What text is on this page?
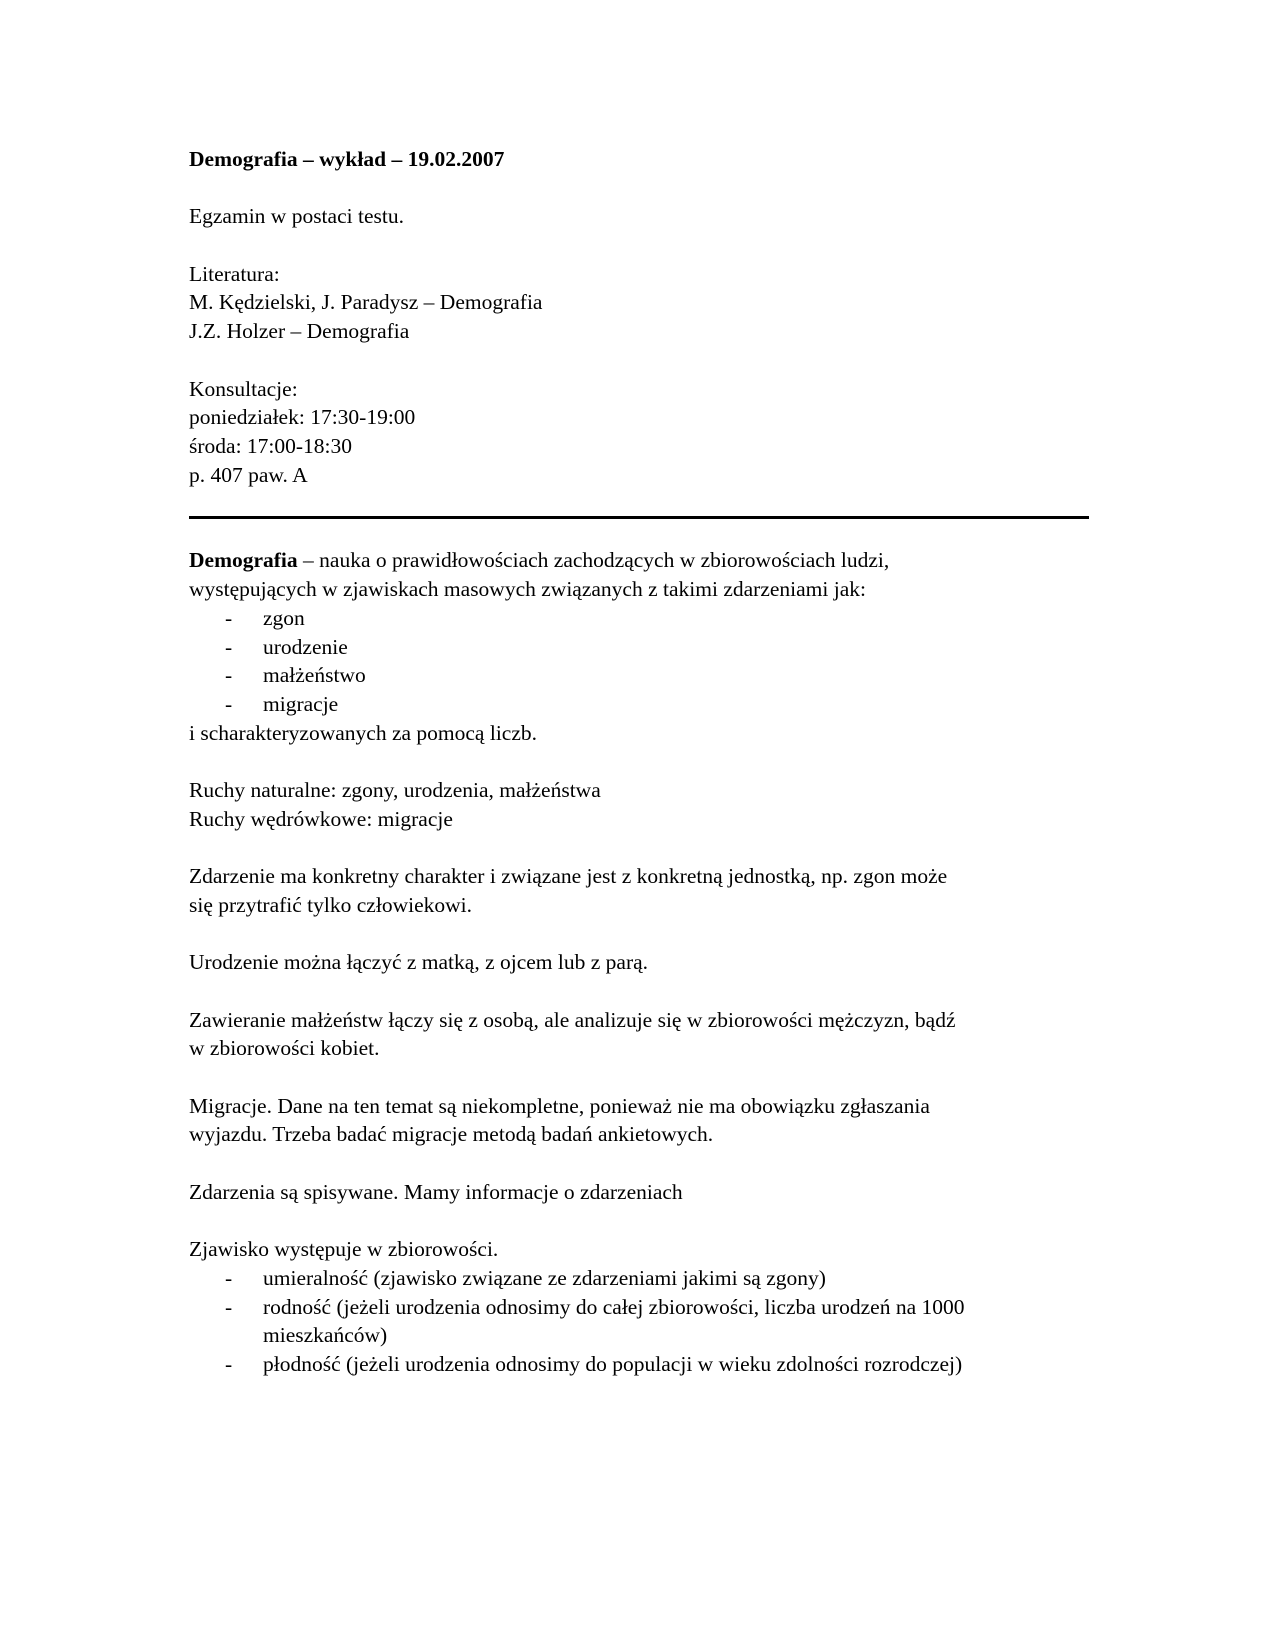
Demografia – wykład – 19.02.2007
Egzamin w postaci testu.
Literatura:
M. Kędzielski, J. Paradysz – Demografia
J.Z. Holzer – Demografia
Konsultacje:
poniedziałek: 17:30-19:00
środa: 17:00-18:30
p. 407 paw. A
Demografia – nauka o prawidłowościach zachodzących w zbiorowościach ludzi,
występujących w zjawiskach masowych związanych z takimi zdarzeniami jak:
- zgon
- urodzenie
- małżeństwo
- migracje
i scharakteryzowanych za pomocą liczb.
Ruchy naturalne: zgony, urodzenia, małżeństwa
Ruchy wędrówkowe: migracje
Zdarzenie ma konkretny charakter i związane jest z konkretną jednostką, np. zgon może
się przytrafić tylko człowiekowi.
Urodzenie można łączyć z matką, z ojcem lub z parą.
Zawieranie małżeństw łączy się z osobą, ale analizuje się w zbiorowości mężczyzn, bądź
w zbiorowości kobiet.
Migracje. Dane na ten temat są niekompletne, ponieważ nie ma obowiązku zgłaszania
wyjazdu. Trzeba badać migracje metodą badań ankietowych.
Zdarzenia są spisywane. Mamy informacje o zdarzeniach
Zjawisko występuje w zbiorowości.
- umieralność (zjawisko związane ze zdarzeniami jakimi są zgony)
- rodność (jeżeli urodzenia odnosimy do całej zbiorowości, liczba urodzeń na 1000
mieszkańców)
- płodność (jeżeli urodzenia odnosimy do populacji w wieku zdolności rozrodczej)
